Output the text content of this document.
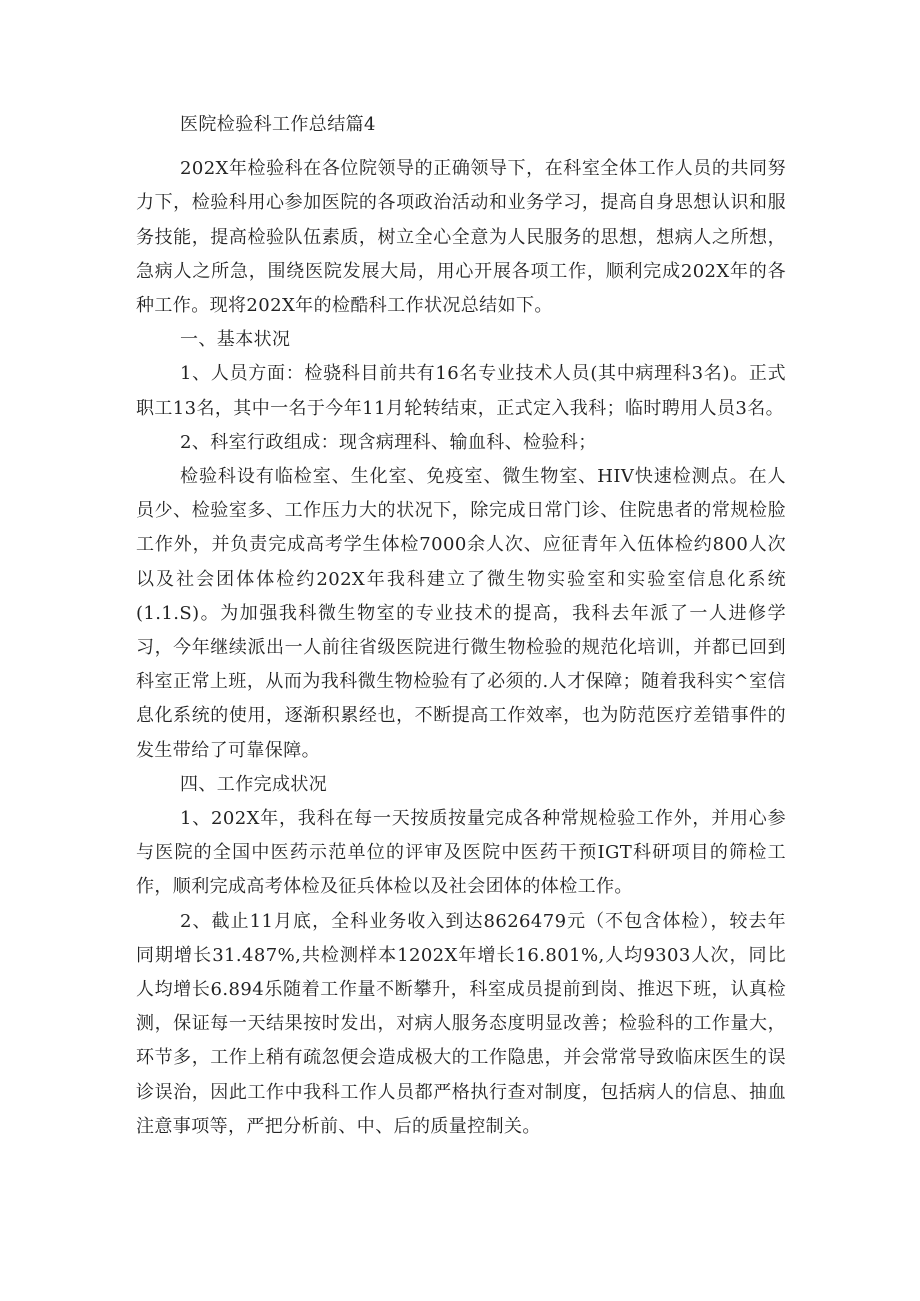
医院检验科工作总结篇4

202X年检验科在各位院领导的正确领导下，在科室全体工作人员的共同努力下，检验科用心参加医院的各项政治活动和业务学习，提高自身思想认识和服务技能，提高检验队伍素质，树立全心全意为人民服务的思想，想病人之所想，急病人之所急，围绕医院发展大局，用心开展各项工作，顺利完成202X年的各种工作。现将202X年的检酷科工作状况总结如下。

一、基本状况

1、人员方面：检骁科目前共有16名专业技术人员(其中病理科3名)。正式职工13名，其中一名于今年11月轮转结束，正式定入我科；临时聘用人员3名。

2、科室行政组成：现含病理科、输血科、检验科；

检验科设有临检室、生化室、免疫室、微生物室、HIV快速检测点。在人员少、检验室多、工作压力大的状况下，除完成日常门诊、住院患者的常规检脸工作外，并负责完成高考学生体检7000余人次、应征青年入伍体检约800人次以及社会团体体检约202X年我科建立了微生物实验室和实验室信息化系统(1.1.S)。为加强我科微生物室的专业技术的提高，我科去年派了一人进修学习，今年继续派出一人前往省级医院进行微生物检验的规范化培训，并都已回到科室正常上班，从而为我科微生物检验有了必须的.人才保障；随着我科实^室信息化系统的使用，逐渐积累经也，不断提高工作效率，也为防范医疗差错事件的发生带给了可靠保障。

四、工作完成状况

1、202X年，我科在每一天按质按量完成各种常规检验工作外，并用心参与医院的全国中医药示范单位的评审及医院中医药干预IGT科研项目的筛检工作，顺利完成高考体检及征兵体检以及社会团体的体检工作。

2、截止11月底，全科业务收入到达8626479元（不包含体检），较去年同期增长31.487%,共检测样本1202X年增长16.801%,人均9303人次，同比人均增长6.894乐随着工作量不断攀升，科室成员提前到岗、推迟下班，认真检测，保证每一天结果按时发出，对病人服务态度明显改善；检验科的工作量大，环节多，工作上稍有疏忽便会造成极大的工作隐患，并会常常导致临床医生的误诊误治，因此工作中我科工作人员都严格执行查对制度，包括病人的信息、抽血注意事项等，严把分析前、中、后的质量控制关。
